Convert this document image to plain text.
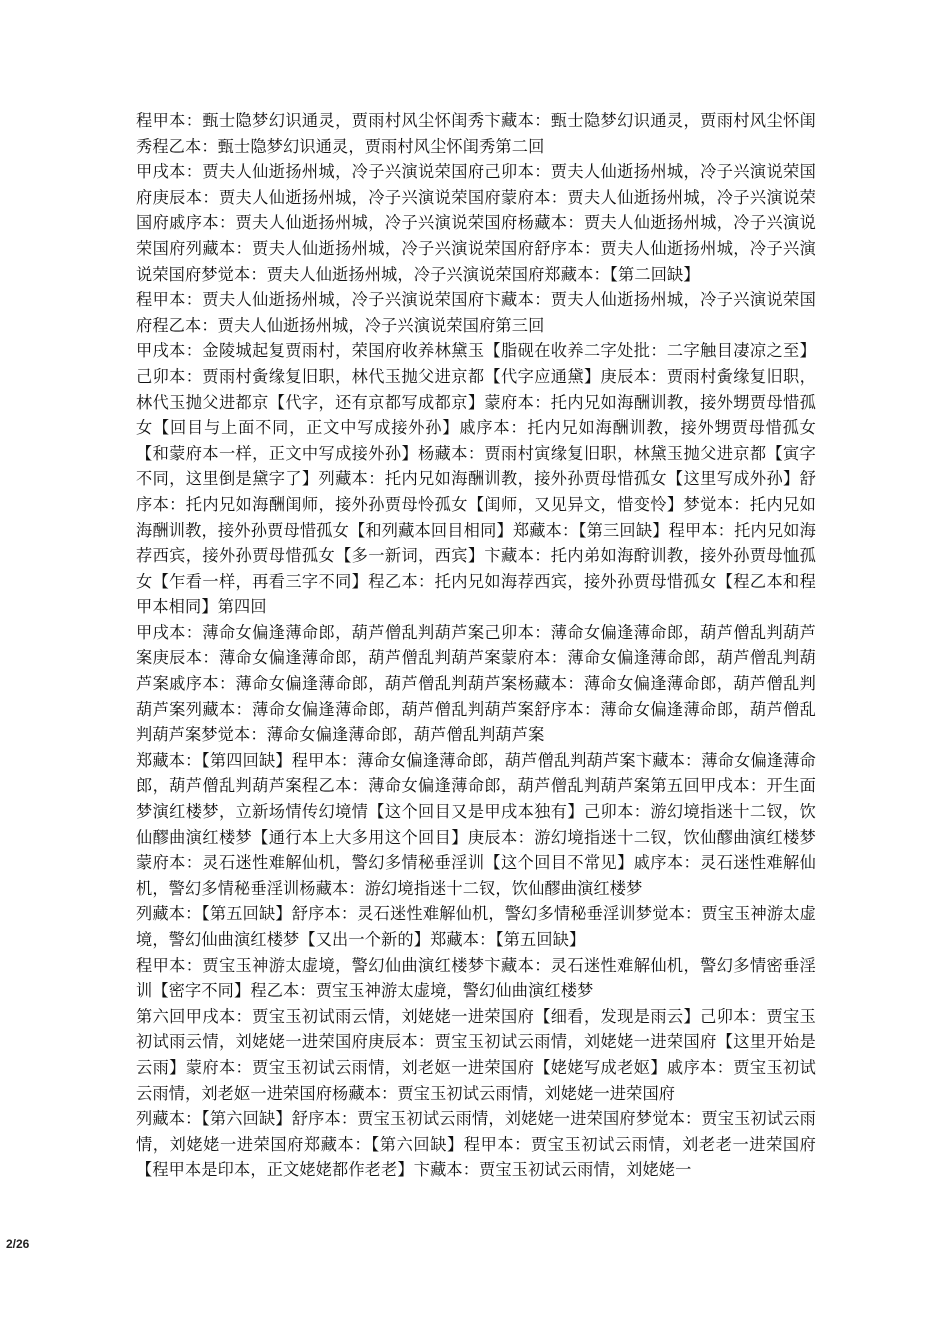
程甲本：甄士隐梦幻识通灵，贾雨村风尘怀闺秀卞藏本：甄士隐梦幻识通灵，贾雨村风尘怀闺秀程乙本：甄士隐梦幻识通灵，贾雨村风尘怀闺秀第二回

甲戌本：贾夫人仙逝扬州城，冷子兴演说荣国府己卯本：贾夫人仙逝扬州城，冷子兴演说荣国府庚辰本：贾夫人仙逝扬州城，冷子兴演说荣国府蒙府本：贾夫人仙逝扬州城，冷子兴演说荣国府戚序本：贾夫人仙逝扬州城，冷子兴演说荣国府杨藏本：贾夫人仙逝扬州城，冷子兴演说荣国府列藏本：贾夫人仙逝扬州城，冷子兴演说荣国府舒序本：贾夫人仙逝扬州城，冷子兴演说荣国府梦觉本：贾夫人仙逝扬州城，冷子兴演说荣国府郑藏本：【第二回缺】

程甲本：贾夫人仙逝扬州城，冷子兴演说荣国府卞藏本：贾夫人仙逝扬州城，冷子兴演说荣国府程乙本：贾夫人仙逝扬州城，冷子兴演说荣国府第三回

甲戌本：金陵城起复贾雨村，荣国府收养林黛玉【脂砚在收养二字处批：二字触目凄凉之至】己卯本：贾雨村夤缘复旧职，林代玉抛父进京都【代字应通黛】庚辰本：贾雨村夤缘复旧职，林代玉抛父进都京【代字，还有京都写成都京】蒙府本：托内兄如海酬训教，接外甥贾母惜孤女【回目与上面不同，正文中写成接外孙】戚序本：托内兄如海酬训教，接外甥贾母惜孤女【和蒙府本一样，正文中写成接外孙】杨藏本：贾雨村寅缘复旧职，林黛玉抛父进京都【寅字不同，这里倒是黛字了】列藏本：托内兄如海酬训教，接外孙贾母惜孤女【这里写成外孙】舒序本：托内兄如海酬闺师，接外孙贾母怜孤女【闺师，又见异文，惜变怜】梦觉本：托内兄如海酬训教，接外孙贾母惜孤女【和列藏本回目相同】郑藏本：【第三回缺】程甲本：托内兄如海荐西宾，接外孙贾母惜孤女【多一新词，西宾】卞藏本：托内弟如海酧训教，接外孙贾母恤孤女【乍看一样，再看三字不同】程乙本：托内兄如海荐西宾，接外孙贾母惜孤女【程乙本和程甲本相同】第四回

甲戌本：薄命女偏逢薄命郎，葫芦僧乱判葫芦案己卯本：薄命女偏逢薄命郎，葫芦僧乱判葫芦案庚辰本：薄命女偏逢薄命郎，葫芦僧乱判葫芦案蒙府本：薄命女偏逢薄命郎，葫芦僧乱判葫芦案戚序本：薄命女偏逢薄命郎，葫芦僧乱判葫芦案杨藏本：薄命女偏逢薄命郎，葫芦僧乱判葫芦案列藏本：薄命女偏逢薄命郎，葫芦僧乱判葫芦案舒序本：薄命女偏逢薄命郎，葫芦僧乱判葫芦案梦觉本：薄命女偏逢薄命郎，葫芦僧乱判葫芦案

郑藏本：【第四回缺】程甲本：薄命女偏逢薄命郎，葫芦僧乱判葫芦案卞藏本：薄命女偏逢薄命郎，葫芦僧乱判葫芦案程乙本：薄命女偏逢薄命郎，葫芦僧乱判葫芦案第五回甲戌本：开生面梦演红楼梦，立新场情传幻境情【这个回目又是甲戌本独有】己卯本：游幻境指迷十二钗，饮仙醪曲演红楼梦【通行本上大多用这个回目】庚辰本：游幻境指迷十二钗，饮仙醪曲演红楼梦蒙府本：灵石迷性难解仙机，警幻多情秘垂淫训【这个回目不常见】戚序本：灵石迷性难解仙机，警幻多情秘垂淫训杨藏本：游幻境指迷十二钗，饮仙醪曲演红楼梦

列藏本：【第五回缺】舒序本：灵石迷性难解仙机，警幻多情秘垂淫训梦觉本：贾宝玉神游太虚境，警幻仙曲演红楼梦【又出一个新的】郑藏本：【第五回缺】

程甲本：贾宝玉神游太虚境，警幻仙曲演红楼梦卞藏本：灵石迷性难解仙机，警幻多情密垂淫训【密字不同】程乙本：贾宝玉神游太虚境，警幻仙曲演红楼梦

第六回甲戌本：贾宝玉初试雨云情，刘姥姥一进荣国府【细看，发现是雨云】己卯本：贾宝玉初试雨云情，刘姥姥一进荣国府庚辰本：贾宝玉初试云雨情，刘姥姥一进荣国府【这里开始是云雨】蒙府本：贾宝玉初试云雨情，刘老妪一进荣国府【姥姥写成老妪】戚序本：贾宝玉初试云雨情，刘老妪一进荣国府杨藏本：贾宝玉初试云雨情，刘姥姥一进荣国府

列藏本：【第六回缺】舒序本：贾宝玉初试云雨情，刘姥姥一进荣国府梦觉本：贾宝玉初试云雨情，刘姥姥一进荣国府郑藏本：【第六回缺】程甲本：贾宝玉初试云雨情，刘老老一进荣国府【程甲本是印本，正文姥姥都作老老】卞藏本：贾宝玉初试云雨情，刘姥姥一

2/26
